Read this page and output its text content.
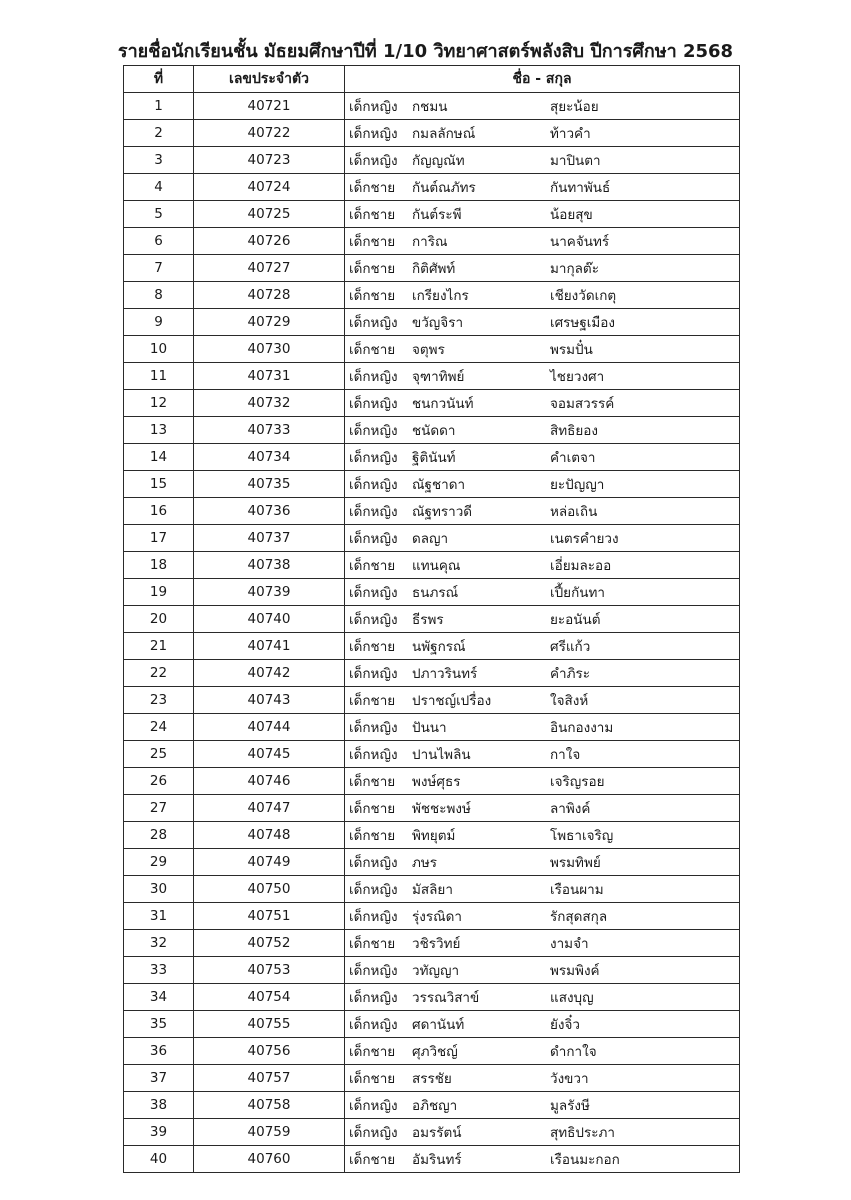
รายชื่อนักเรียนชั้น มัธยมศึกษาปีที่ 1/10 วิทยาศาสตร์พลังสิบ ปีการศึกษา 2568
ที่	เลขประจำตัว	ชื่อ - สกุล
1	40721	เด็กหญิง กชมน สุยะน้อย

2	40722	เด็กหญิง กมลลักษณ์ ท้าวคำ

3	40723	เด็กหญิง กัญญณัท มาปินตา

4	40724	เด็กชาย กันต์ณภัทร กันทาพันธ์

5	40725	เด็กชาย กันต์ระพี น้อยสุข

6	40726	เด็กชาย การิณ นาคจันทร์

7	40727	เด็กชาย กิติศัพท์ มากุลต๊ะ

8	40728	เด็กชาย เกรียงไกร เชียงวัดเกตุ

9	40729	เด็กหญิง ขวัญจิรา เศรษฐเมือง

10	40730	เด็กชาย จตุพร พรมปั๋น

11	40731	เด็กหญิง จุฑาทิพย์ ไชยวงศา

12	40732	เด็กหญิง ชนกวนันท์ จอมสวรรค์

13	40733	เด็กหญิง ชนัดดา สิทธิยอง

14	40734	เด็กหญิง ฐิตินันท์ คำเตจา

15	40735	เด็กหญิง ณัฐชาดา ยะปัญญา

16	40736	เด็กหญิง ณัฐทราวดี หล่อเถิน

17	40737	เด็กหญิง ดลญา เนตรคำยวง

18	40738	เด็กชาย แทนคุณ เอี่ยมละออ

19	40739	เด็กหญิง ธนภรณ์ เปี้ยกันทา

20	40740	เด็กหญิง ธีรพร ยะอนันต์

21	40741	เด็กชาย นพัฐกรณ์ ศรีแก้ว

22	40742	เด็กหญิง ปภาวรินทร์ คำภิระ

23	40743	เด็กชาย ปราชญ์เปรื่อง ใจสิงห์

24	40744	เด็กหญิง ปันนา อินกองงาม

25	40745	เด็กหญิง ปานไพลิน กาใจ

26	40746	เด็กชาย พงษ์ศุธร เจริญรอย

27	40747	เด็กชาย พัชชะพงษ์ ลาพิงค์

28	40748	เด็กชาย พิทยุตม์ โพธาเจริญ

29	40749	เด็กหญิง ภษร พรมทิพย์

30	40750	เด็กหญิง มัสลิยา เรือนผาม

31	40751	เด็กหญิง รุ่งรณิดา รักสุดสกุล

32	40752	เด็กชาย วชิรวิทย์ งามจำ

33	40753	เด็กหญิง วทัญญา พรมพิงค์

34	40754	เด็กหญิง วรรณวิสาข์ แสงบุญ

35	40755	เด็กหญิง ศดานันท์ ยังจิ๋ว

36	40756	เด็กชาย ศุภวิชญ์ ดำกาใจ

37	40757	เด็กชาย สรรชัย วังขวา

38	40758	เด็กหญิง อภิชญา มูลรังษี

39	40759	เด็กหญิง อมรรัตน์ สุทธิประภา

40	40760	เด็กชาย อัมรินทร์ เรือนมะกอก
